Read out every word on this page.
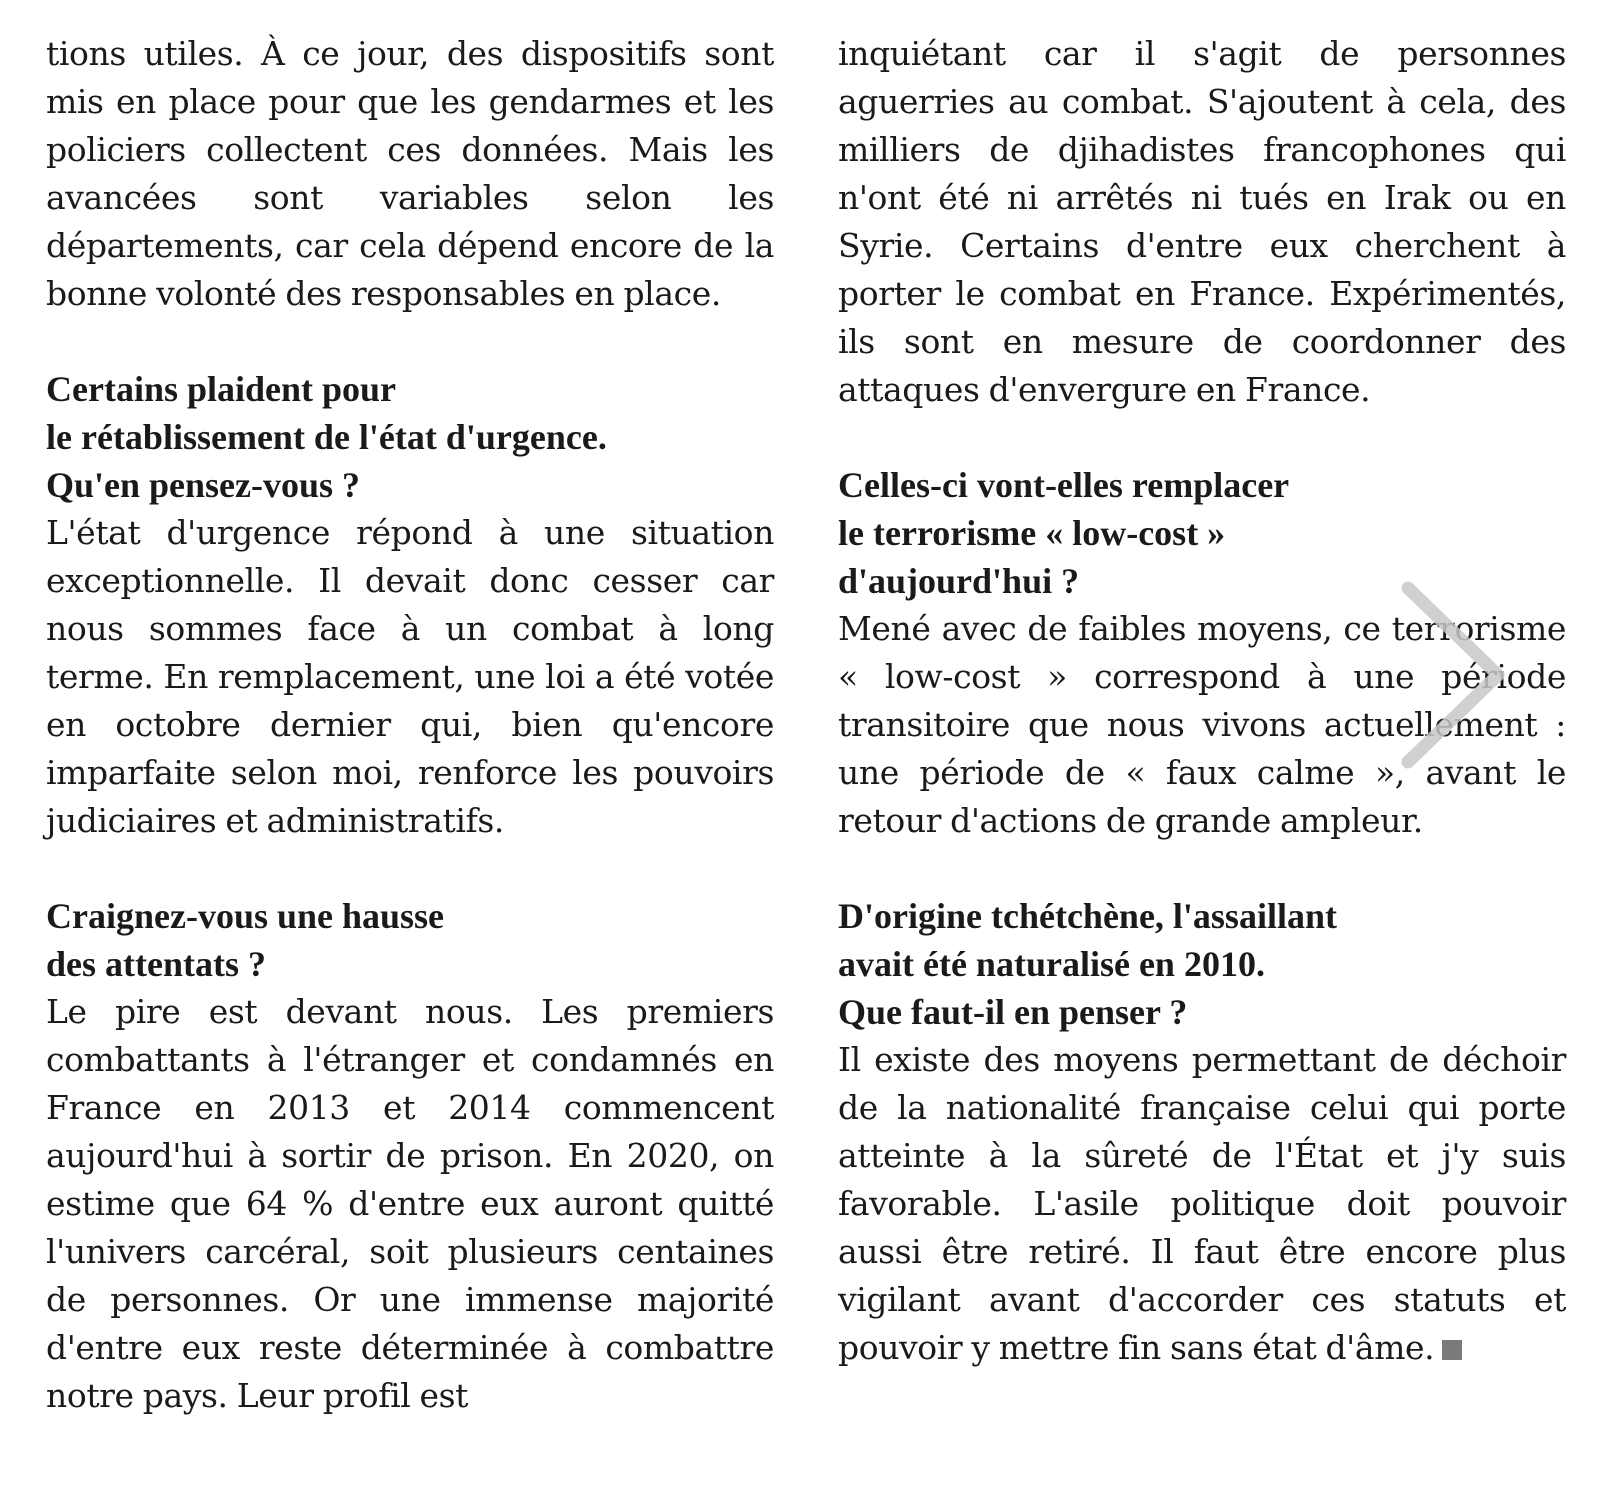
tions utiles. À ce jour, des dispositifs sont mis en place pour que les gendarmes et les policiers collectent ces données. Mais les avancées sont variables selon les départements, car cela dépend encore de la bonne volonté des responsables en place.

Certains plaident pour
le rétablissement de l'état d'urgence.
Qu'en pensez-vous ?

L'état d'urgence répond à une situation exceptionnelle. Il devait donc cesser car nous sommes face à un combat à long terme. En remplacement, une loi a été votée en octobre dernier qui, bien qu'encore imparfaite selon moi, renforce les pouvoirs judiciaires et administratifs.

Craignez-vous une hausse
des attentats ?

Le pire est devant nous. Les premiers combattants à l'étranger et condamnés en France en 2013 et 2014 commencent aujourd'hui à sortir de prison. En 2020, on estime que 64 % d'entre eux auront quitté l'univers carcéral, soit plusieurs centaines de personnes. Or une immense majorité d'entre eux reste déterminée à combattre notre pays. Leur profil est

inquiétant car il s'agit de personnes aguerries au combat. S'ajoutent à cela, des milliers de djihadistes francophones qui n'ont été ni arrêtés ni tués en Irak ou en Syrie. Certains d'entre eux cherchent à porter le combat en France. Expérimentés, ils sont en mesure de coordonner des attaques d'envergure en France.

Celles-ci vont-elles remplacer
le terrorisme « low-cost »
d'aujourd'hui ?

Mené avec de faibles moyens, ce terrorisme « low-cost » correspond à une période transitoire que nous vivons actuellement : une période de « faux calme », avant le retour d'actions de grande ampleur.

D'origine tchétchène, l'assaillant
avait été naturalisé en 2010.
Que faut-il en penser ?

Il existe des moyens permettant de déchoir de la nationalité française celui qui porte atteinte à la sûreté de l'État et j'y suis favorable. L'asile politique doit pouvoir aussi être retiré. Il faut être encore plus vigilant avant d'accorder ces statuts et pouvoir y mettre fin sans état d'âme.
